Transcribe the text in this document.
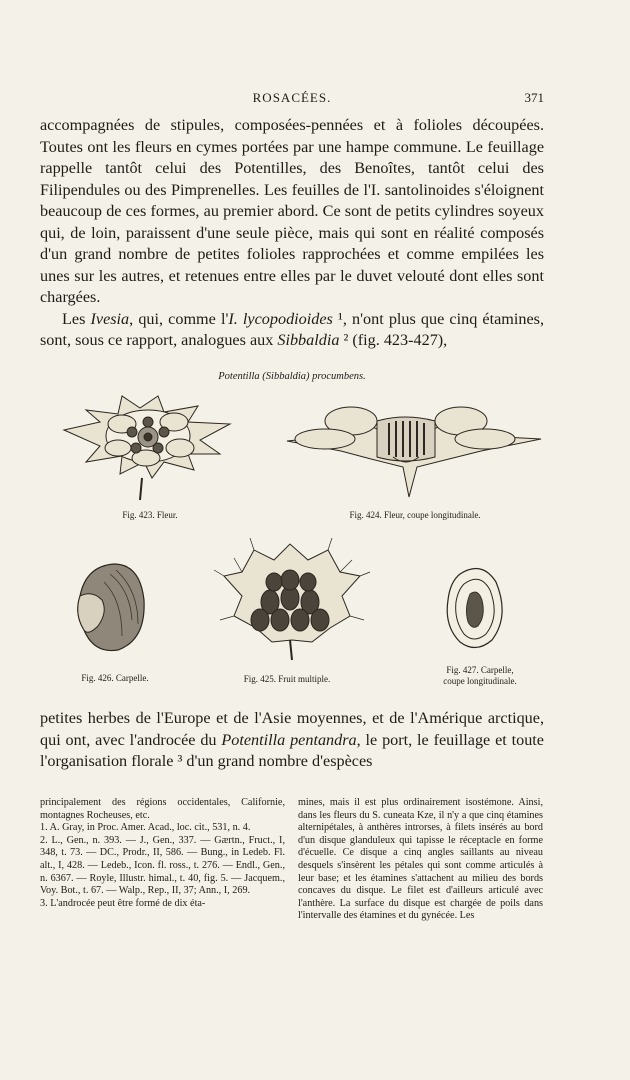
ROSACÉES.	371

accompagnées de stipules, composées-pennées et à folioles découpées. Toutes ont les fleurs en cymes portées par une hampe commune. Le feuillage rappelle tantôt celui des Potentilles, des Benoîtes, tantôt celui des Filipendules ou des Pimprenelles. Les feuilles de l'I. santolinoides s'éloignent beaucoup de ces formes, au premier abord. Ce sont de petits cylindres soyeux qui, de loin, paraissent d'une seule pièce, mais qui sont en réalité composés d'un grand nombre de petites folioles rapprochées et comme empilées les unes sur les autres, et retenues entre elles par le duvet velouté dont elles sont chargées.

Les Ivesia, qui, comme l'I. lycopodioides ¹, n'ont plus que cinq étamines, sont, sous ce rapport, analogues aux Sibbaldia ² (fig. 423-427),

Potentilla (Sibbaldia) procumbens.
Fig. 423. Fleur.	Fig. 424. Fleur, coupe longitudinale.
Fig. 426. Carpelle.	Fig. 425. Fruit multiple.
Fig. 427. Carpelle,
coupe longitudinale.

petites herbes de l'Europe et de l'Asie moyennes, et de l'Amérique arctique, qui ont, avec l'androcée du Potentilla pentandra, le port, le feuillage et toute l'organisation florale ³ d'un grand nombre d'espèces

principalement des régions occidentales, Californie, montagnes Rocheuses, etc.

1. A. Gray, in Proc. Amer. Acad., loc. cit., 531, n. 4.

2. L., Gen., n. 393. — J., Gen., 337. — Gærtn., Fruct., I, 348, t. 73. — DC., Prodr., II, 586. — Bung., in Ledeb. Fl. alt., I, 428. — Ledeb., Icon. fl. ross., t. 276. — Endl., Gen., n. 6367. — Royle, Illustr. himal., t. 40, fig. 5. — Jacquem., Voy. Bot., t. 67. — Walp., Rep., II, 37; Ann., I, 269.

3. L'androcée peut être formé de dix éta-

mines, mais il est plus ordinairement isostémone. Ainsi, dans les fleurs du S. cuneata Kze, il n'y a que cinq étamines alternipétales, à anthères introrses, à filets insérés au bord d'un disque glanduleux qui tapisse le réceptacle en forme d'écuelle. Ce disque a cinq angles saillants au niveau desquels s'insèrent les pétales qui sont comme articulés à leur base; et les étamines s'attachent au milieu des bords concaves du disque. Le filet est d'ailleurs articulé avec l'anthère. La surface du disque est chargée de poils dans l'intervalle des étamines et du gynécée. Les
